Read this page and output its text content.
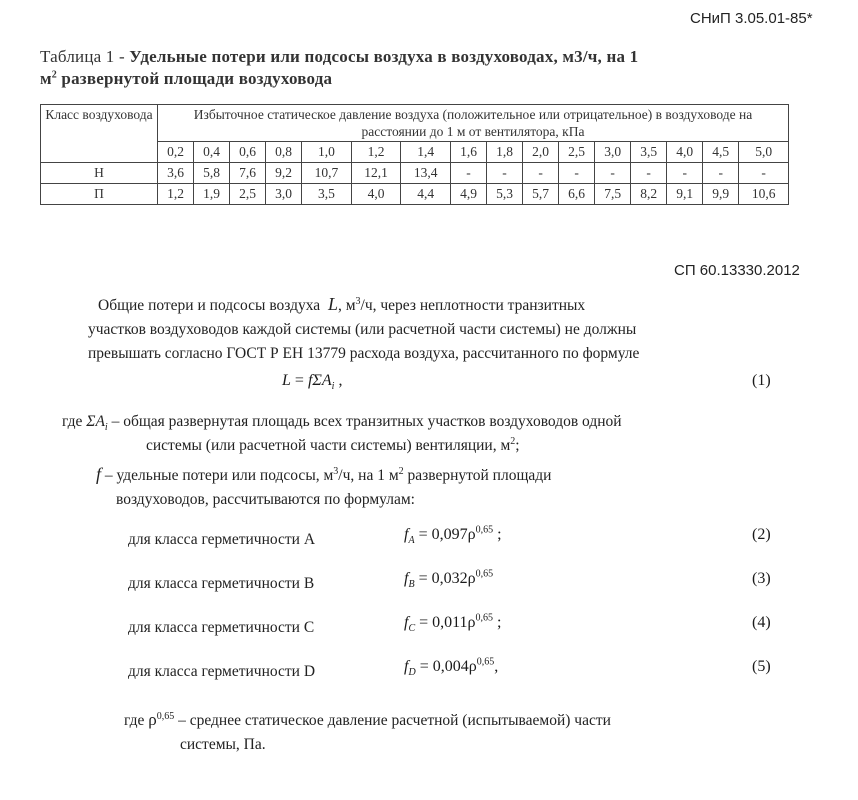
СНиП 3.05.01-85*
Таблица 1 - Удельные потери или подсосы воздуха в воздуховодах, м3/ч, на 1
$м^2$ развернутой площади воздуховода
Класс воздуховода	Избыточное статическое давление воздуха (положительное или отрицательное) в воздуховоде на расстоянии до 1 м от вентилятора, кПа															
	0,2	0,4	0,6	0,8	1,0	1,2	1,4	1,6	1,8	2,0	2,5	3,0	3,5	4,0	4,5	5,0
Н	3,6	5,8	7,6	9,2	10,7	12,1	13,4	-	-	-	-	-	-	-	-	-
П	1,2	1,9	2,5	3,0	3,5	4,0	4,4	4,9	5,3	5,7	6,6	7,5	8,2	9,1	9,9	10,6
СП 60.13330.2012
Общие потери и подсосы воздуха L, $м^3/ч$, через неплотности транзитных
участков воздуховодов каждой системы (или расчетной части системы) не должны
превышать согласно ГОСТ Р ЕН 13779 расхода воздуха, рассчитанного по формуле
L = fΣA$_i$ ,	(1)
где $\Sigma A_i$ – общая развернутая площадь всех транзитных участков воздуховодов одной
системы (или расчетной части системы) вентиляции, $м^2$;
f – удельные потери или подсосы, $м^3/ч$, на 1 $м^2$ развернутой площади
воздуховодов, рассчитываются по формулам:
для класса герметичности А	$f_A = 0,097\rho^{0,65}$ ;	(2)
для класса герметичности В	$f_B = 0,032\rho^{0,65}$	(3)
для класса герметичности С	$f_C = 0,011\rho^{0,65}$ ;	(4)
для класса герметичности D	$f_D = 0,004\rho^{0,65}$,	(5)
где $\rho^{0,65}$ – среднее статическое давление расчетной (испытываемой) части
системы, Па.
